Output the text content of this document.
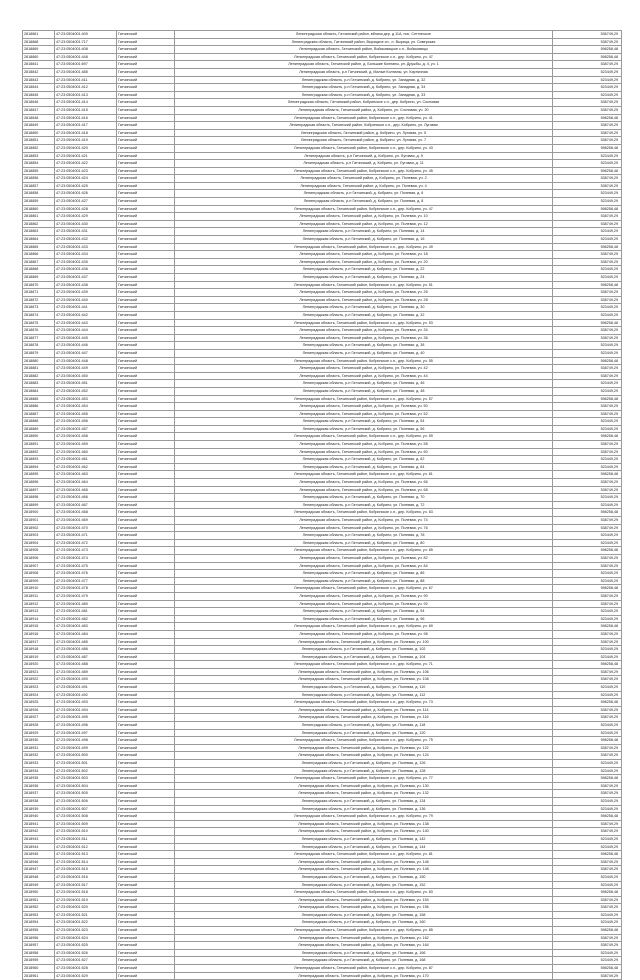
2818861	47:23:0504001:409	Гатчинский	Ленинградская область, Гатчинский район, вблизи дер. д 11А, пос. Сеттинское	536749,29
2818868	47:23:0504001:717	Гатчинский	Ленинградская область, Гатчинский район, Вырицкое сп., п. Вырица, ул. Сиверская	538749,29
2818869	47:23:0504001:408	Гатчинский	Ленинградская область, Гатчинский район, Войсковицкое с.п., Войсковицы	598258,48
2818860	47:23:0504001:448	Гатчинский	Ленинградская область, Гатчинский район, Кобринское с.п., дер. Кобрино, уч. 47	598258,48
2818841	47:23:0504001:697	Гатчинский	Ленинградская область, Гатчинский район, д. Большие Колпаны, ул. Дружбы, д. 4, уч. 1	538749,29
2818842	47:23:0504001:485	Гатчинский	Ленинградская область, р-н Гатчинский, д. Малые Колпаны, ул. Кирпичная	523449,29
2818843	47:23:0504001:411	Гатчинский	Ленинградская область, р-н Гатчинский, д. Кобрино, ул. Западная, д. 32	523449,29
2818844	47:23:0504001:412	Гатчинский	Ленинградская область, р-н Гатчинский, д. Кобрино, ул. Западная, д. 34	523449,29
2818845	47:23:0504001:413	Гатчинский	Ленинградская область, р-н Гатчинский, д. Кобрино, ул. Западная, д. 33	523449,29
2818846	47:23:0504001:414	Гатчинский	Ленинградская область, Гатчинский район, Кобринское с.п., дер. Кобрино, ул. Сосновая	538749,29
2818847	47:23:0504001:415	Гатчинский	Ленинградская область, Гатчинский район, д. Кобрино, ул. Сосновая, уч. 20	538749,29
2818848	47:23:0504001:416	Гатчинский	Ленинградская область, Гатчинский район, Кобринское с.п., дер. Кобрино, уч. 41	598258,48
2818849	47:23:0504001:417	Гатчинский	Ленинградская область, Гатчинский район, Кобринское с.п., дер. Кобрино, ул. Луговая	538749,29
2818850	47:23:0504001:418	Гатчинский	Ленинградская область, Гатчинский район, д. Кобрино, ул. Луговая, уч. 5	538749,29
2818851	47:23:0504001:419	Гатчинский	Ленинградская область, Гатчинский район, д. Кобрино, ул. Луговая, уч. 7	538749,29
2818852	47:23:0504001:420	Гатчинский	Ленинградская область, Гатчинский район, Кобринское с.п., дер. Кобрино, уч. 43	598258,48
2818853	47:23:0504001:421	Гатчинский	Ленинградская область, р-н Гатчинский, д. Кобрино, ул. Луговая, д. 9	523449,29
2818854	47:23:0504001:422	Гатчинский	Ленинградская область, р-н Гатчинский, д. Кобрино, ул. Луговая, д. 11	523449,29
2818855	47:23:0504001:423	Гатчинский	Ленинградская область, Гатчинский район, Кобринское с.п., дер. Кобрино, уч. 45	598258,48
2818856	47:23:0504001:424	Гатчинский	Ленинградская область, Гатчинский район, д. Кобрино, ул. Полевая, уч. 2	538749,29
2818857	47:23:0504001:425	Гатчинский	Ленинградская область, Гатчинский район, д. Кобрино, ул. Полевая, уч. 4	538749,29
2818858	47:23:0504001:426	Гатчинский	Ленинградская область, р-н Гатчинский, д. Кобрино, ул. Полевая, д. 6	523449,29
2818859	47:23:0504001:427	Гатчинский	Ленинградская область, р-н Гатчинский, д. Кобрино, ул. Полевая, д. 8	523449,29
2818860	47:23:0504001:428	Гатчинский	Ленинградская область, Гатчинский район, Кобринское с.п., дер. Кобрино, уч. 47	598258,48
2818861	47:23:0504001:429	Гатчинский	Ленинградская область, Гатчинский район, д. Кобрино, ул. Полевая, уч. 10	538749,29
2818862	47:23:0504001:430	Гатчинский	Ленинградская область, Гатчинский район, д. Кобрино, ул. Полевая, уч. 12	538749,29
2818863	47:23:0504001:431	Гатчинский	Ленинградская область, р-н Гатчинский, д. Кобрино, ул. Полевая, д. 14	523449,29
2818864	47:23:0504001:432	Гатчинский	Ленинградская область, р-н Гатчинский, д. Кобрино, ул. Полевая, д. 16	523449,29
2818865	47:23:0504001:433	Гатчинский	Ленинградская область, Гатчинский район, Кобринское с.п., дер. Кобрино, уч. 49	598258,48
2818866	47:23:0504001:434	Гатчинский	Ленинградская область, Гатчинский район, д. Кобрино, ул. Полевая, уч. 18	538749,29
2818867	47:23:0504001:435	Гатчинский	Ленинградская область, Гатчинский район, д. Кобрино, ул. Полевая, уч. 20	538749,29
2818868	47:23:0504001:436	Гатчинский	Ленинградская область, р-н Гатчинский, д. Кобрино, ул. Полевая, д. 22	523449,29
2818869	47:23:0504001:437	Гатчинский	Ленинградская область, р-н Гатчинский, д. Кобрино, ул. Полевая, д. 24	523449,29
2818870	47:23:0504001:438	Гатчинский	Ленинградская область, Гатчинский район, Кобринское с.п., дер. Кобрино, уч. 51	598258,48
2818871	47:23:0504001:439	Гатчинский	Ленинградская область, Гатчинский район, д. Кобрино, ул. Полевая, уч. 26	538749,29
2818872	47:23:0504001:440	Гатчинский	Ленинградская область, Гатчинский район, д. Кобрино, ул. Полевая, уч. 28	538749,29
2818873	47:23:0504001:441	Гатчинский	Ленинградская область, р-н Гатчинский, д. Кобрино, ул. Полевая, д. 30	523449,29
2818874	47:23:0504001:442	Гатчинский	Ленинградская область, р-н Гатчинский, д. Кобрино, ул. Полевая, д. 32	523449,29
2818875	47:23:0504001:443	Гатчинский	Ленинградская область, Гатчинский район, Кобринское с.п., дер. Кобрино, уч. 53	598258,48
2818876	47:23:0504001:444	Гатчинский	Ленинградская область, Гатчинский район, д. Кобрино, ул. Полевая, уч. 34	538749,29
2818877	47:23:0504001:445	Гатчинский	Ленинградская область, Гатчинский район, д. Кобрино, ул. Полевая, уч. 36	538749,29
2818878	47:23:0504001:446	Гатчинский	Ленинградская область, р-н Гатчинский, д. Кобрино, ул. Полевая, д. 38	523449,29
2818879	47:23:0504001:447	Гатчинский	Ленинградская область, р-н Гатчинский, д. Кобрино, ул. Полевая, д. 40	523449,29
2818880	47:23:0504001:448	Гатчинский	Ленинградская область, Гатчинский район, Кобринское с.п., дер. Кобрино, уч. 55	598258,48
2818881	47:23:0504001:449	Гатчинский	Ленинградская область, Гатчинский район, д. Кобрино, ул. Полевая, уч. 42	538749,29
2818882	47:23:0504001:450	Гатчинский	Ленинградская область, Гатчинский район, д. Кобрино, ул. Полевая, уч. 44	538749,29
2818883	47:23:0504001:451	Гатчинский	Ленинградская область, р-н Гатчинский, д. Кобрино, ул. Полевая, д. 46	523449,29
2818884	47:23:0504001:452	Гатчинский	Ленинградская область, р-н Гатчинский, д. Кобрино, ул. Полевая, д. 48	523449,29
2818885	47:23:0504001:453	Гатчинский	Ленинградская область, Гатчинский район, Кобринское с.п., дер. Кобрино, уч. 57	598258,48
2818886	47:23:0504001:454	Гатчинский	Ленинградская область, Гатчинский район, д. Кобрино, ул. Полевая, уч. 50	538749,29
2818887	47:23:0504001:455	Гатчинский	Ленинградская область, Гатчинский район, д. Кобрино, ул. Полевая, уч. 52	538749,29
2818888	47:23:0504001:456	Гатчинский	Ленинградская область, р-н Гатчинский, д. Кобрино, ул. Полевая, д. 54	523449,29
2818889	47:23:0504001:457	Гатчинский	Ленинградская область, р-н Гатчинский, д. Кобрино, ул. Полевая, д. 56	523449,29
2818890	47:23:0504001:458	Гатчинский	Ленинградская область, Гатчинский район, Кобринское с.п., дер. Кобрино, уч. 59	598258,48
2818891	47:23:0504001:459	Гатчинский	Ленинградская область, Гатчинский район, д. Кобрино, ул. Полевая, уч. 58	538749,29
2818892	47:23:0504001:460	Гатчинский	Ленинградская область, Гатчинский район, д. Кобрино, ул. Полевая, уч. 60	538749,29
2818893	47:23:0504001:461	Гатчинский	Ленинградская область, р-н Гатчинский, д. Кобрино, ул. Полевая, д. 62	523449,29
2818894	47:23:0504001:462	Гатчинский	Ленинградская область, р-н Гатчинский, д. Кобрино, ул. Полевая, д. 64	523449,29
2818895	47:23:0504001:463	Гатчинский	Ленинградская область, Гатчинский район, Кобринское с.п., дер. Кобрино, уч. 61	598258,48
2818896	47:23:0504001:464	Гатчинский	Ленинградская область, Гатчинский район, д. Кобрино, ул. Полевая, уч. 66	538749,29
2818897	47:23:0504001:465	Гатчинский	Ленинградская область, Гатчинский район, д. Кобрино, ул. Полевая, уч. 68	538749,29
2818898	47:23:0504001:466	Гатчинский	Ленинградская область, р-н Гатчинский, д. Кобрино, ул. Полевая, д. 70	523449,29
2818899	47:23:0504001:467	Гатчинский	Ленинградская область, р-н Гатчинский, д. Кобрино, ул. Полевая, д. 72	523449,29
2818900	47:23:0504001:468	Гатчинский	Ленинградская область, Гатчинский район, Кобринское с.п., дер. Кобрино, уч. 63	598258,48
2818901	47:23:0504001:469	Гатчинский	Ленинградская область, Гатчинский район, д. Кобрино, ул. Полевая, уч. 74	538749,29
2818902	47:23:0504001:470	Гатчинский	Ленинградская область, Гатчинский район, д. Кобрино, ул. Полевая, уч. 76	538749,29
2818903	47:23:0504001:471	Гатчинский	Ленинградская область, р-н Гатчинский, д. Кобрино, ул. Полевая, д. 78	523449,29
2818904	47:23:0504001:472	Гатчинский	Ленинградская область, р-н Гатчинский, д. Кобрино, ул. Полевая, д. 80	523449,29
2818905	47:23:0504001:473	Гатчинский	Ленинградская область, Гатчинский район, Кобринское с.п., дер. Кобрино, уч. 65	598258,48
2818906	47:23:0504001:474	Гатчинский	Ленинградская область, Гатчинский район, д. Кобрино, ул. Полевая, уч. 82	538749,29
2818907	47:23:0504001:475	Гатчинский	Ленинградская область, Гатчинский район, д. Кобрино, ул. Полевая, уч. 84	538749,29
2818908	47:23:0504001:476	Гатчинский	Ленинградская область, р-н Гатчинский, д. Кобрино, ул. Полевая, д. 86	523449,29
2818909	47:23:0504001:477	Гатчинский	Ленинградская область, р-н Гатчинский, д. Кобрино, ул. Полевая, д. 88	523449,29
2818910	47:23:0504001:478	Гатчинский	Ленинградская область, Гатчинский район, Кобринское с.п., дер. Кобрино, уч. 67	598258,48
2818911	47:23:0504001:479	Гатчинский	Ленинградская область, Гатчинский район, д. Кобрино, ул. Полевая, уч. 90	538749,29
2818912	47:23:0504001:480	Гатчинский	Ленинградская область, Гатчинский район, д. Кобрино, ул. Полевая, уч. 92	538749,29
2818913	47:23:0504001:481	Гатчинский	Ленинградская область, р-н Гатчинский, д. Кобрино, ул. Полевая, д. 94	523449,29
2818914	47:23:0504001:482	Гатчинский	Ленинградская область, р-н Гатчинский, д. Кобрино, ул. Полевая, д. 96	523449,29
2818915	47:23:0504001:483	Гатчинский	Ленинградская область, Гатчинский район, Кобринское с.п., дер. Кобрино, уч. 69	598258,48
2818916	47:23:0504001:484	Гатчинский	Ленинградская область, Гатчинский район, д. Кобрино, ул. Полевая, уч. 98	538749,29
2818917	47:23:0504001:485	Гатчинский	Ленинградская область, Гатчинский район, д. Кобрино, ул. Полевая, уч. 100	538749,29
2818918	47:23:0504001:486	Гатчинский	Ленинградская область, р-н Гатчинский, д. Кобрино, ул. Полевая, д. 102	523449,29
2818919	47:23:0504001:487	Гатчинский	Ленинградская область, р-н Гатчинский, д. Кобрино, ул. Полевая, д. 104	523449,29
2818920	47:23:0504001:488	Гатчинский	Ленинградская область, Гатчинский район, Кобринское с.п., дер. Кобрино, уч. 71	598258,48
2818921	47:23:0504001:489	Гатчинский	Ленинградская область, Гатчинский район, д. Кобрино, ул. Полевая, уч. 106	538749,29
2818922	47:23:0504001:490	Гатчинский	Ленинградская область, Гатчинский район, д. Кобрино, ул. Полевая, уч. 108	538749,29
2818923	47:23:0504001:491	Гатчинский	Ленинградская область, р-н Гатчинский, д. Кобрино, ул. Полевая, д. 110	523449,29
2818924	47:23:0504001:492	Гатчинский	Ленинградская область, р-н Гатчинский, д. Кобрино, ул. Полевая, д. 112	523449,29
2818925	47:23:0504001:493	Гатчинский	Ленинградская область, Гатчинский район, Кобринское с.п., дер. Кобрино, уч. 73	598258,48
2818926	47:23:0504001:494	Гатчинский	Ленинградская область, Гатчинский район, д. Кобрино, ул. Полевая, уч. 114	538749,29
2818927	47:23:0504001:495	Гатчинский	Ленинградская область, Гатчинский район, д. Кобрино, ул. Полевая, уч. 116	538749,29
2818928	47:23:0504001:496	Гатчинский	Ленинградская область, р-н Гатчинский, д. Кобрино, ул. Полевая, д. 118	523449,29
2818929	47:23:0504001:497	Гатчинский	Ленинградская область, р-н Гатчинский, д. Кобрино, ул. Полевая, д. 120	523449,29
2818930	47:23:0504001:498	Гатчинский	Ленинградская область, Гатчинский район, Кобринское с.п., дер. Кобрино, уч. 75	598258,48
2818931	47:23:0504001:499	Гатчинский	Ленинградская область, Гатчинский район, д. Кобрино, ул. Полевая, уч. 122	538749,29
2818932	47:23:0504001:500	Гатчинский	Ленинградская область, Гатчинский район, д. Кобрино, ул. Полевая, уч. 124	538749,29
2818933	47:23:0504001:501	Гатчинский	Ленинградская область, р-н Гатчинский, д. Кобрино, ул. Полевая, д. 126	523449,29
2818934	47:23:0504001:502	Гатчинский	Ленинградская область, р-н Гатчинский, д. Кобрино, ул. Полевая, д. 128	523449,29
2818935	47:23:0504001:503	Гатчинский	Ленинградская область, Гатчинский район, Кобринское с.п., дер. Кобрино, уч. 77	598258,48
2818936	47:23:0504001:504	Гатчинский	Ленинградская область, Гатчинский район, д. Кобрино, ул. Полевая, уч. 130	538749,29
2818937	47:23:0504001:505	Гатчинский	Ленинградская область, Гатчинский район, д. Кобрино, ул. Полевая, уч. 132	538749,29
2818938	47:23:0504001:506	Гатчинский	Ленинградская область, р-н Гатчинский, д. Кобрино, ул. Полевая, д. 134	523449,29
2818939	47:23:0504001:507	Гатчинский	Ленинградская область, р-н Гатчинский, д. Кобрино, ул. Полевая, д. 136	523449,29
2818940	47:23:0504001:508	Гатчинский	Ленинградская область, Гатчинский район, Кобринское с.п., дер. Кобрино, уч. 79	598258,48
2818941	47:23:0504001:509	Гатчинский	Ленинградская область, Гатчинский район, д. Кобрино, ул. Полевая, уч. 138	538749,29
2818942	47:23:0504001:510	Гатчинский	Ленинградская область, Гатчинский район, д. Кобрино, ул. Полевая, уч. 140	538749,29
2818943	47:23:0504001:511	Гатчинский	Ленинградская область, р-н Гатчинский, д. Кобрино, ул. Полевая, д. 142	523449,29
2818944	47:23:0504001:512	Гатчинский	Ленинградская область, р-н Гатчинский, д. Кобрино, ул. Полевая, д. 144	523449,29
2818945	47:23:0504001:513	Гатчинский	Ленинградская область, Гатчинский район, Кобринское с.п., дер. Кобрино, уч. 81	598258,48
2818946	47:23:0504001:514	Гатчинский	Ленинградская область, Гатчинский район, д. Кобрино, ул. Полевая, уч. 146	538749,29
2818947	47:23:0504001:515	Гатчинский	Ленинградская область, Гатчинский район, д. Кобрино, ул. Полевая, уч. 148	538749,29
2818948	47:23:0504001:516	Гатчинский	Ленинградская область, р-н Гатчинский, д. Кобрино, ул. Полевая, д. 150	523449,29
2818949	47:23:0504001:517	Гатчинский	Ленинградская область, р-н Гатчинский, д. Кобрино, ул. Полевая, д. 152	523449,29
2818950	47:23:0504001:518	Гатчинский	Ленинградская область, Гатчинский район, Кобринское с.п., дер. Кобрино, уч. 83	598258,48
2818951	47:23:0504001:519	Гатчинский	Ленинградская область, Гатчинский район, д. Кобрино, ул. Полевая, уч. 154	538749,29
2818952	47:23:0504001:520	Гатчинский	Ленинградская область, Гатчинский район, д. Кобрино, ул. Полевая, уч. 156	538749,29
2818953	47:23:0504001:521	Гатчинский	Ленинградская область, р-н Гатчинский, д. Кобрино, ул. Полевая, д. 158	523449,29
2818954	47:23:0504001:522	Гатчинский	Ленинградская область, р-н Гатчинский, д. Кобрино, ул. Полевая, д. 160	523449,29
2818955	47:23:0504001:523	Гатчинский	Ленинградская область, Гатчинский район, Кобринское с.п., дер. Кобрино, уч. 85	598258,48
2818956	47:23:0504001:524	Гатчинский	Ленинградская область, Гатчинский район, д. Кобрино, ул. Полевая, уч. 162	538749,29
2818957	47:23:0504001:525	Гатчинский	Ленинградская область, Гатчинский район, д. Кобрино, ул. Полевая, уч. 164	538749,29
2818958	47:23:0504001:526	Гатчинский	Ленинградская область, р-н Гатчинский, д. Кобрино, ул. Полевая, д. 166	523449,29
2818959	47:23:0504001:527	Гатчинский	Ленинградская область, р-н Гатчинский, д. Кобрино, ул. Полевая, д. 168	523449,29
2818960	47:23:0504001:528	Гатчинский	Ленинградская область, Гатчинский район, Кобринское с.п., дер. Кобрино, уч. 87	598258,48
2818961	47:23:0504001:529	Гатчинский	Ленинградская область, Гатчинский район, д. Кобрино, ул. Полевая, уч. 170	538749,29
